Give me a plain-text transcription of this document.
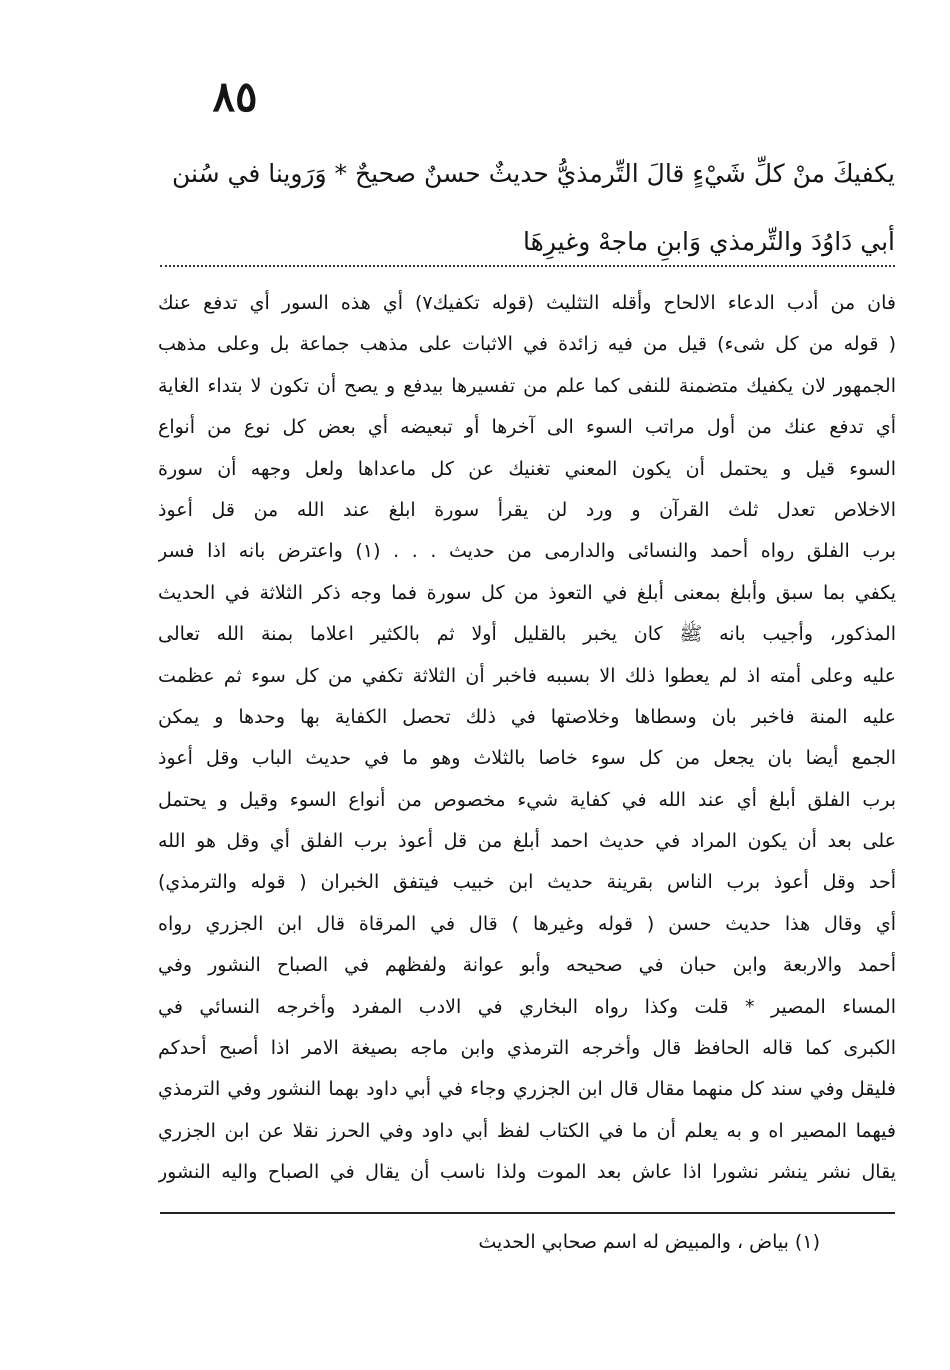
٨٥
يكفيكَ منْ كلِّ شَيْءٍ قالَ التِّرمذيُّ حديثٌ حسنٌ صحيحٌ * وَرَوينا في سُنن
أبي دَاوُدَ والتِّرمذي وَابنِ ماجهْ وغيرِهَا
فان من أدب الدعاء الالحاح وأقله التثليث (قوله تكفيك٧) أي هذه السور أي تدفع عنك
( قوله من كل شىء) قيل من فيه زائدة في الاثبات على مذهب جماعة بل وعلى مذهب
الجمهور لان يكفيك متضمنة للنفى كما علم من تفسيرها بيدفع و يصح أن تكون لا بتداء الغاية
أي تدفع عنك من أول مراتب السوء الى آخرها أو تبعيضه أي بعض كل نوع من أنواع
السوء قيل و يحتمل أن يكون المعني تغنيك عن كل ماعداها ولعل وجهه أن سورة
الاخلاص تعدل ثلث القرآن و ورد لن يقرأ سورة ابلغ عند الله من قل أعوذ
برب الفلق رواه أحمد والنسائى والدارمى من حديث . . . (١) واعترض بانه اذا فسر
يكفي بما سبق وأبلغ بمعنى أبلغ في التعوذ من كل سورة فما وجه ذكر الثلاثة في الحديث
المذكور، وأجيب بانه ﷺ كان يخبر بالقليل أولا ثم بالكثير اعلاما بمنة الله تعالى
عليه وعلى أمته اذ لم يعطوا ذلك الا بسببه فاخبر أن الثلاثة تكفي من كل سوء ثم عظمت
عليه المنة فاخبر بان وسطاها وخلاصتها في ذلك تحصل الكفاية بها وحدها و يمكن
الجمع أيضا بان يجعل من كل سوء خاصا بالثلاث وهو ما في حديث الباب وقل أعوذ
برب الفلق أبلغ أي عند الله في كفاية شيء مخصوص من أنواع السوء وقيل و يحتمل
على بعد أن يكون المراد في حديث احمد أبلغ من قل أعوذ برب الفلق أي وقل هو الله
أحد وقل أعوذ برب الناس بقرينة حديث ابن خبيب فيتفق الخبران ( قوله والترمذي)
أي وقال هذا حديث حسن ( قوله وغيرها ) قال في المرقاة قال ابن الجزري رواه
أحمد والاربعة وابن حبان في صحيحه وأبو عوانة ولفظهم في الصباح النشور وفي
المساء المصير * قلت وكذا رواه البخاري في الادب المفرد وأخرجه النسائي في
الكبرى كما قاله الحافظ قال وأخرجه الترمذي وابن ماجه بصيغة الامر اذا أصبح أحدكم
فليقل وفي سند كل منهما مقال قال ابن الجزري وجاء في أبي داود بهما النشور وفي الترمذي
فيهما المصير اه و به يعلم أن ما في الكتاب لفظ أبي داود وفي الحرز نقلا عن ابن الجزري
يقال نشر ينشر نشورا اذا عاش بعد الموت ولذا ناسب أن يقال في الصباح واليه النشور
(١) بياض ، والمبيض له اسم صحابي الحديث
